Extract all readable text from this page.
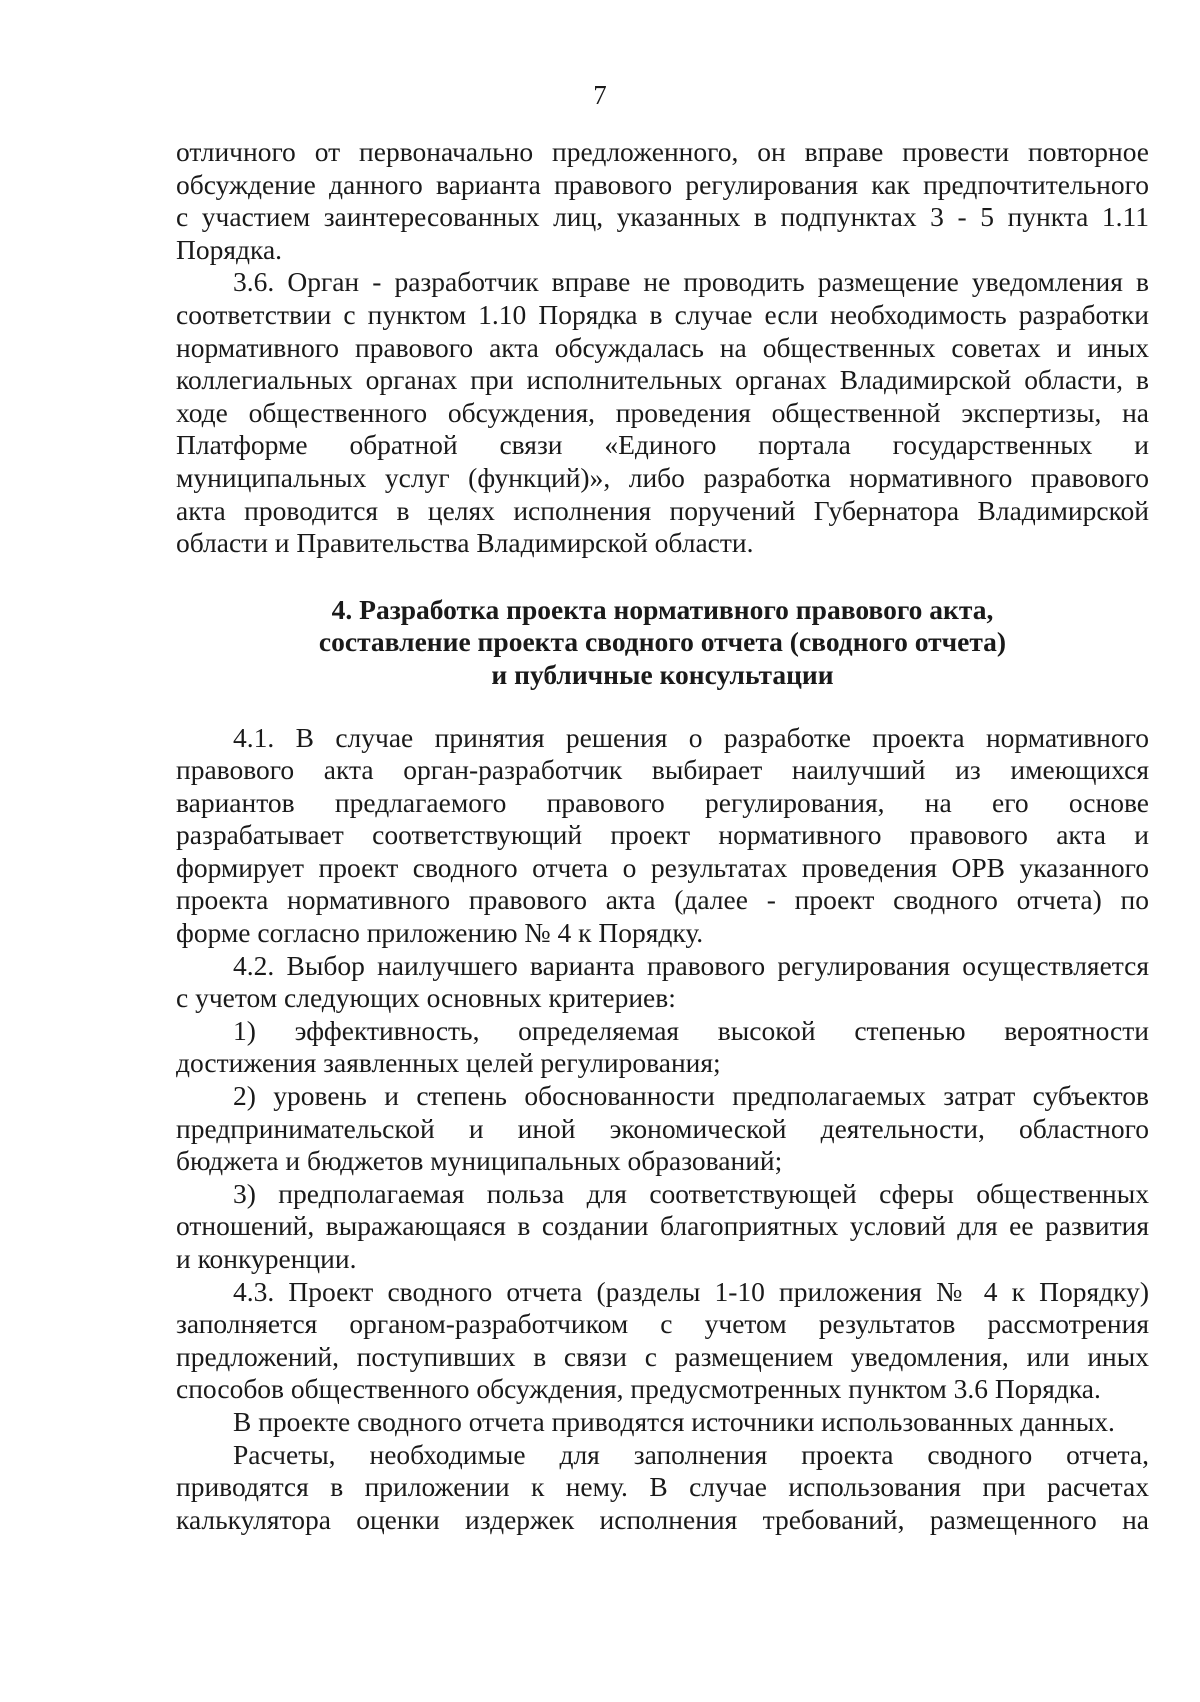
7

отличного от первоначально предложенного, он вправе провести повторное

обсуждение данного варианта правового регулирования как предпочтительного

с участием заинтересованных лиц, указанных в подпунктах 3 - 5 пункта 1.11

Порядка.

3.6. Орган - разработчик вправе не проводить размещение уведомления в

соответствии с пунктом 1.10 Порядка в случае если необходимость разработки

нормативного правового акта обсуждалась на общественных советах и иных

коллегиальных органах при исполнительных органах Владимирской области, в

ходе общественного обсуждения, проведения общественной экспертизы, на

Платформе обратной связи «Единого портала государственных и

муниципальных услуг (функций)», либо разработка нормативного правового

акта проводится в целях исполнения поручений Губернатора Владимирской

области и Правительства Владимирской области.

4. Разработка проекта нормативного правового акта,
составление проекта сводного отчета (сводного отчета)
и публичные консультации

4.1. В случае принятия решения о разработке проекта нормативного

правового акта орган-разработчик выбирает наилучший из имеющихся

вариантов предлагаемого правового регулирования, на его основе

разрабатывает соответствующий проект нормативного правового акта и

формирует проект сводного отчета о результатах проведения ОРВ указанного

проекта нормативного правового акта (далее - проект сводного отчета) по

форме согласно приложению № 4 к Порядку.

4.2. Выбор наилучшего варианта правового регулирования осуществляется

с учетом следующих основных критериев:

1) эффективность, определяемая высокой степенью вероятности

достижения заявленных целей регулирования;

2) уровень и степень обоснованности предполагаемых затрат субъектов

предпринимательской и иной экономической деятельности, областного

бюджета и бюджетов муниципальных образований;

3) предполагаемая польза для соответствующей сферы общественных

отношений, выражающаяся в создании благоприятных условий для ее развития

и конкуренции.

4.3. Проект сводного отчета (разделы 1-10 приложения № 4 к Порядку)

заполняется органом-разработчиком с учетом результатов рассмотрения

предложений, поступивших в связи с размещением уведомления, или иных

способов общественного обсуждения, предусмотренных пунктом 3.6 Порядка.

В проекте сводного отчета приводятся источники использованных данных.

Расчеты, необходимые для заполнения проекта сводного отчета,

приводятся в приложении к нему. В случае использования при расчетах

калькулятора оценки издержек исполнения требований, размещенного на
